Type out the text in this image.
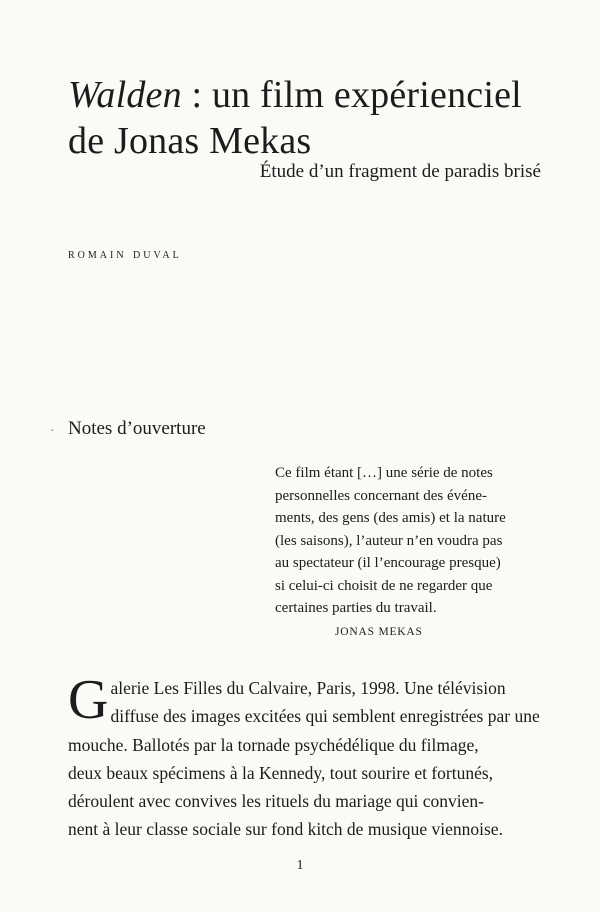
Walden : un film expérienciel
de Jonas Mekas
Étude d’un fragment de paradis brisé
romain duval
· Notes d’ouverture
Ce film étant […] une série de notes
personnelles concernant des événe-
ments, des gens (des amis) et la nature
(les saisons), l’auteur n’en voudra pas
au spectateur (il l’encourage presque)
si celui-ci choisit de ne regarder que
certaines parties du travail.
JONAS MEKAS
G alerie Les Filles du Calvaire, Paris, 1998. Une télévision
diffuse des images excitées qui semblent enregistrées par une
mouche. Ballotés par la tornade psychédélique du filmage,
deux beaux spécimens à la Kennedy, tout sourire et fortunés,
déroulent avec convives les rituels du mariage qui convien-
nent à leur classe sociale sur fond kitch de musique viennoise.
1
